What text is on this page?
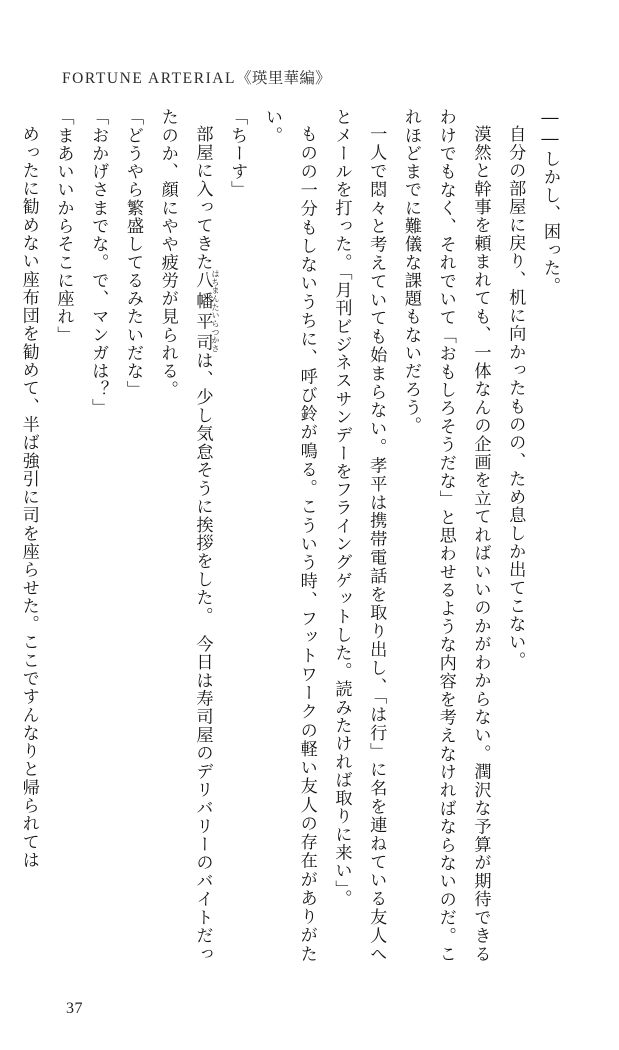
FORTUNE ARTERIAL《瑛里華編》

――しかし、困った。

自分の部屋に戻り、机に向かったものの、ため息しか出てこない。

漠然と幹事を頼まれても、一体なんの企画を立てればいいのかがわからない。潤沢な予算が期待できるわけでもなく、それでいて「おもしろそうだな」と思わせるような内容を考えなければならないのだ。これほどまでに難儀な課題もないだろう。

一人で悶々と考えていても始まらない。孝平は携帯電話を取り出し、「は行」に名を連ねている友人へとメールを打った。「月刊ビジネスサンデーをフライングゲットした。読みたければ取りに来い」。

ものの一分もしないうちに、呼び鈴が鳴る。こういう時、フットワークの軽い友人の存在がありがたい。

「ちーす」

部屋に入ってきた八幡平司はちまんたいらつかさは、少し気怠そうに挨拶をした。　今日は寿司屋のデリバリーのバイトだったのか、顔にやや疲労が見られる。

「どうやら繁盛してるみたいだな」

「おかげさまでな。で、マンガは？」

「まあいいからそこに座れ」

めったに勧めない座布団を勧めて、半ば強引に司を座らせた。ここですんなりと帰られては

37
